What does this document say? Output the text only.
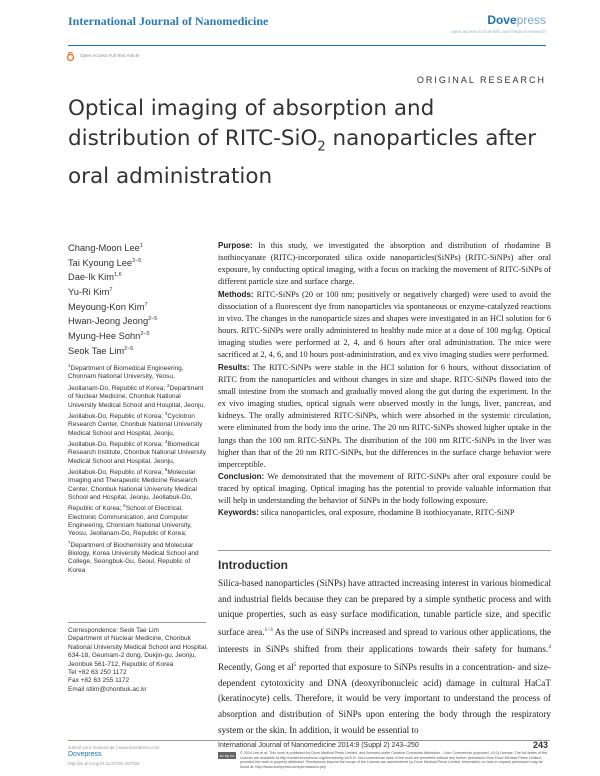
International Journal of Nanomedicine	Dovepress
open access to scientific and medical research
Open Access Full Text Article
ORIGINAL RESEARCH
Optical imaging of absorption and distribution of RITC-SiO$_2$ nanoparticles after oral administration
Chang-Moon Lee$^1$
Tai Kyoung Lee$^{2-5}$
Dae-Ik Kim$^{1,6}$
Yu-Ri Kim$^7$
Meyoung-Kon Kim$^7$
Hwan-Jeong Jeong$^{2-5}$
Myung-Hee Sohn$^{2-5}$
Seok Tae Lim$^{2-5}$
$^1$Department of Biomedical Engineering, Chonnam National University, Yeosu, Jeollanam-Do, Republic of Korea; $^2$Department of Nuclear Medicine, Chonbuk National University Medical School and Hospital, Jeonju, Jeollabuk-Do, Republic of Korea; $^3$Cyclotron Research Center, Chonbuk National University Medical School and Hospital, Jeonju, Jeollabuk-Do, Republic of Korea; $^4$Biomedical Research Institute, Chonbuk National University Medical School and Hospital, Jeonju, Jeollabuk-Do, Republic of Korea; $^5$Molecular Imaging and Therapeutic Medicine Research Center, Chonbuk National University Medical School and Hospital, Jeonju, Jeollabuk-Do, Republic of Korea; $^6$School of Electrical, Electronic Communication, and Computer Engineering, Chonnam National University, Yeosu, Jeollanam-Do, Republic of Korea; $^7$Department of Biochemistry and Molecular Biology, Korea University Medical School and College, Seongbuk-Gu, Seoul, Republic of Korea
Correspondence: Seok Tae Lim
Department of Nuclear Medicine, Chonbuk National University Medical School and Hospital, 634-18, Geumam-2 dong, Dukjin-gu, Jeonju, Jeonbuk 561-712, Republic of Korea
Tel +82 63 250 1172
Fax +82 63 255 1172
Email stlim@chonbuk.ac.kr

Purpose: In this study, we investigated the absorption and distribution of rhodamine B isothiocyanate (RITC)-incorporated silica oxide nanoparticles(SiNPs) (RITC-SiNPs) after oral exposure, by conducting optical imaging, with a focus on tracking the movement of RITC-SiNPs of different particle size and surface charge.

Methods: RITC-SiNPs (20 or 100 nm; positively or negatively charged) were used to avoid the dissociation of a fluorescent dye from nanoparticles via spontaneous or enzyme-catalyzed reactions in vivo. The changes in the nanoparticle sizes and shapes were investigated in an HCl solution for 6 hours. RITC-SiNPs were orally administered to healthy nude mice at a dose of 100 mg/kg. Optical imaging studies were performed at 2, 4, and 6 hours after oral administration. The mice were sacrificed at 2, 4, 6, and 10 hours post-administration, and ex vivo imaging studies were performed.

Results: The RITC-SiNPs were stable in the HCl solution for 6 hours, without dissociation of RITC from the nanoparticles and without changes in size and shape. RITC-SiNPs flowed into the small intestine from the stomach and gradually moved along the gut during the experiment. In the ex vivo imaging studies, optical signals were observed mostly in the lungs, liver, pancreas, and kidneys. The orally administered RITC-SiNPs, which were absorbed in the systemic circulation, were eliminated from the body into the urine. The 20 nm RITC-SiNPs showed higher uptake in the lungs than the 100 nm RITC-SiNPs. The distribution of the 100 nm RITC-SiNPs in the liver was higher than that of the 20 nm RITC-SiNPs, but the differences in the surface charge behavior were imperceptible.

Conclusion: We demonstrated that the movement of RITC-SiNPs after oral exposure could be traced by optical imaging. Optical imaging has the potential to provide valuable information that will help in understanding the behavior of SiNPs in the body following exposure.

Keywords: silica nanoparticles, oral exposure, rhodamine B isothiocyanate, RITC-SiNP

Introduction
Silica-based nanoparticles (SiNPs) have attracted increasing interest in various biomedical and industrial fields because they can be prepared by a simple synthetic process and with unique properties, such as easy surface modification, tunable particle size, and specific surface area.$^{1-3}$ As the use of SiNPs increased and spread to various other applications, the interests in SiNPs shifted from their applications towards their safety for humans.$^4$ Recently, Gong et $al^5$ reported that exposure to SiNPs results in a concentration- and size-dependent cytotoxicity and DNA (deoxyribonucleic acid) damage in cultural HaCaT (keratinocyte) cells. Therefore, it would be very important to understand the process of absorption and distribution of SiNPs upon entering the body through the respiratory system or the skin. In addition, it would be essential to
submit your manuscript | www.dovepress.com
Dovepress
http://dx.doi.org/10.2147/IJN.S57926
International Journal of Nanomedicine 2014:9 (Suppl 2) 243–250	243
cc by nc	© 2014 Lee et al. This work is published by Dove Medical Press Limited, and licensed under Creative Commons Attribution – Non Commercial (unported, v3.0) License. The full terms of the License are available at http://creativecommons.org/licenses/by-nc/3.0/. Non-commercial uses of the work are permitted without any further permission from Dove Medical Press Limited, provided the work is properly attributed. Permissions beyond the scope of the License are administered by Dove Medical Press Limited. Information on how to request permission may be found at: http://www.dovepress.com/permissions.php
